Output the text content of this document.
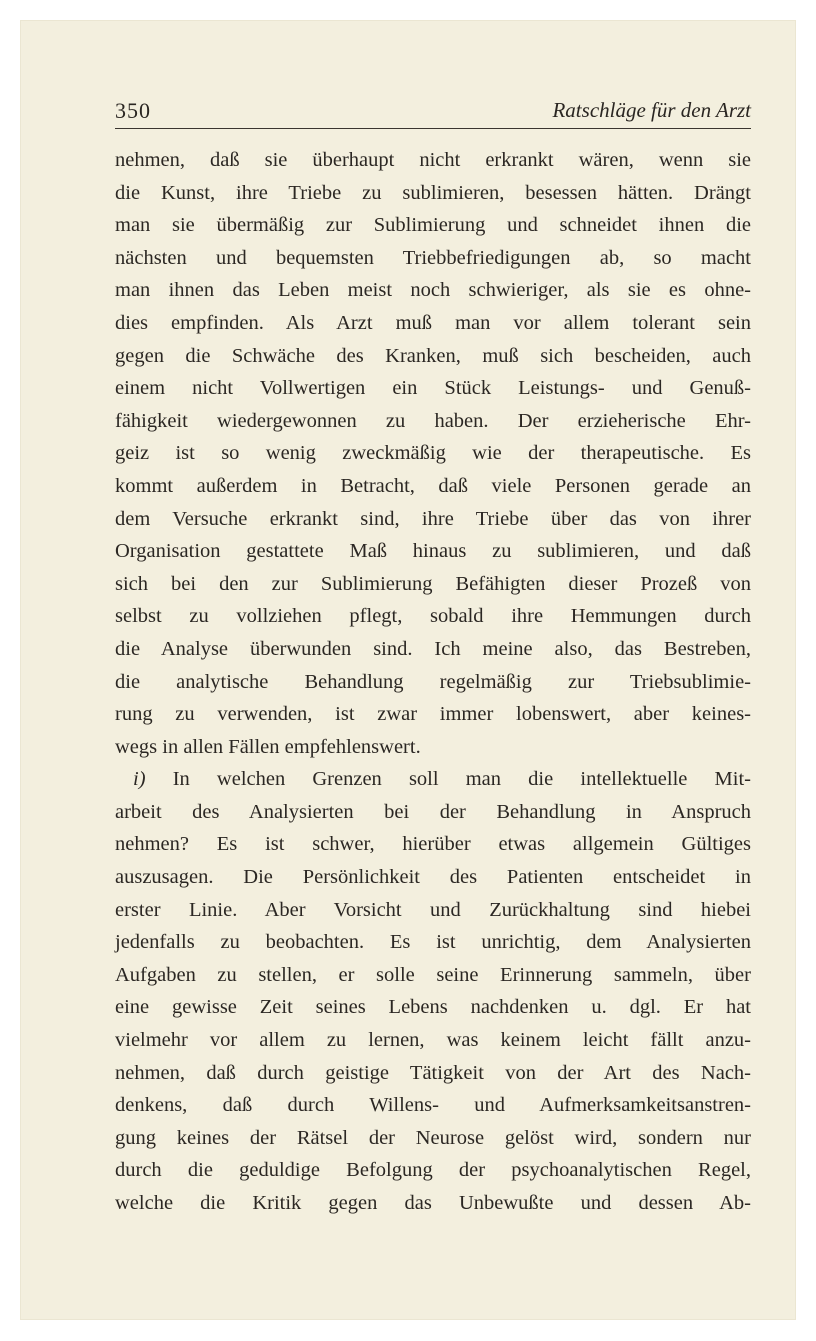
350	Ratschläge für den Arzt
nehmen, daß sie überhaupt nicht erkrankt wären, wenn sie
die Kunst, ihre Triebe zu sublimieren, besessen hätten. Drängt
man sie übermäßig zur Sublimierung und schneidet ihnen die
nächsten und bequemsten Triebbefriedigungen ab, so macht
man ihnen das Leben meist noch schwieriger, als sie es ohne-
dies empfinden. Als Arzt muß man vor allem tolerant sein
gegen die Schwäche des Kranken, muß sich bescheiden, auch
einem nicht Vollwertigen ein Stück Leistungs- und Genuß-
fähigkeit wiedergewonnen zu haben. Der erzieherische Ehr-
geiz ist so wenig zweckmäßig wie der therapeutische. Es
kommt außerdem in Betracht, daß viele Personen gerade an
dem Versuche erkrankt sind, ihre Triebe über das von ihrer
Organisation gestattete Maß hinaus zu sublimieren, und daß
sich bei den zur Sublimierung Befähigten dieser Prozeß von
selbst zu vollziehen pflegt, sobald ihre Hemmungen durch
die Analyse überwunden sind. Ich meine also, das Bestreben,
die analytische Behandlung regelmäßig zur Triebsublimie-
rung zu verwenden, ist zwar immer lobenswert, aber keines-
wegs in allen Fällen empfehlenswert.
i) In welchen Grenzen soll man die intellektuelle Mit-
arbeit des Analysierten bei der Behandlung in Anspruch
nehmen? Es ist schwer, hierüber etwas allgemein Gültiges
auszusagen. Die Persönlichkeit des Patienten entscheidet in
erster Linie. Aber Vorsicht und Zurückhaltung sind hiebei
jedenfalls zu beobachten. Es ist unrichtig, dem Analysierten
Aufgaben zu stellen, er solle seine Erinnerung sammeln, über
eine gewisse Zeit seines Lebens nachdenken u. dgl. Er hat
vielmehr vor allem zu lernen, was keinem leicht fällt anzu-
nehmen, daß durch geistige Tätigkeit von der Art des Nach-
denkens, daß durch Willens- und Aufmerksamkeitsanstren-
gung keines der Rätsel der Neurose gelöst wird, sondern nur
durch die geduldige Befolgung der psychoanalytischen Regel,
welche die Kritik gegen das Unbewußte und dessen Ab-
